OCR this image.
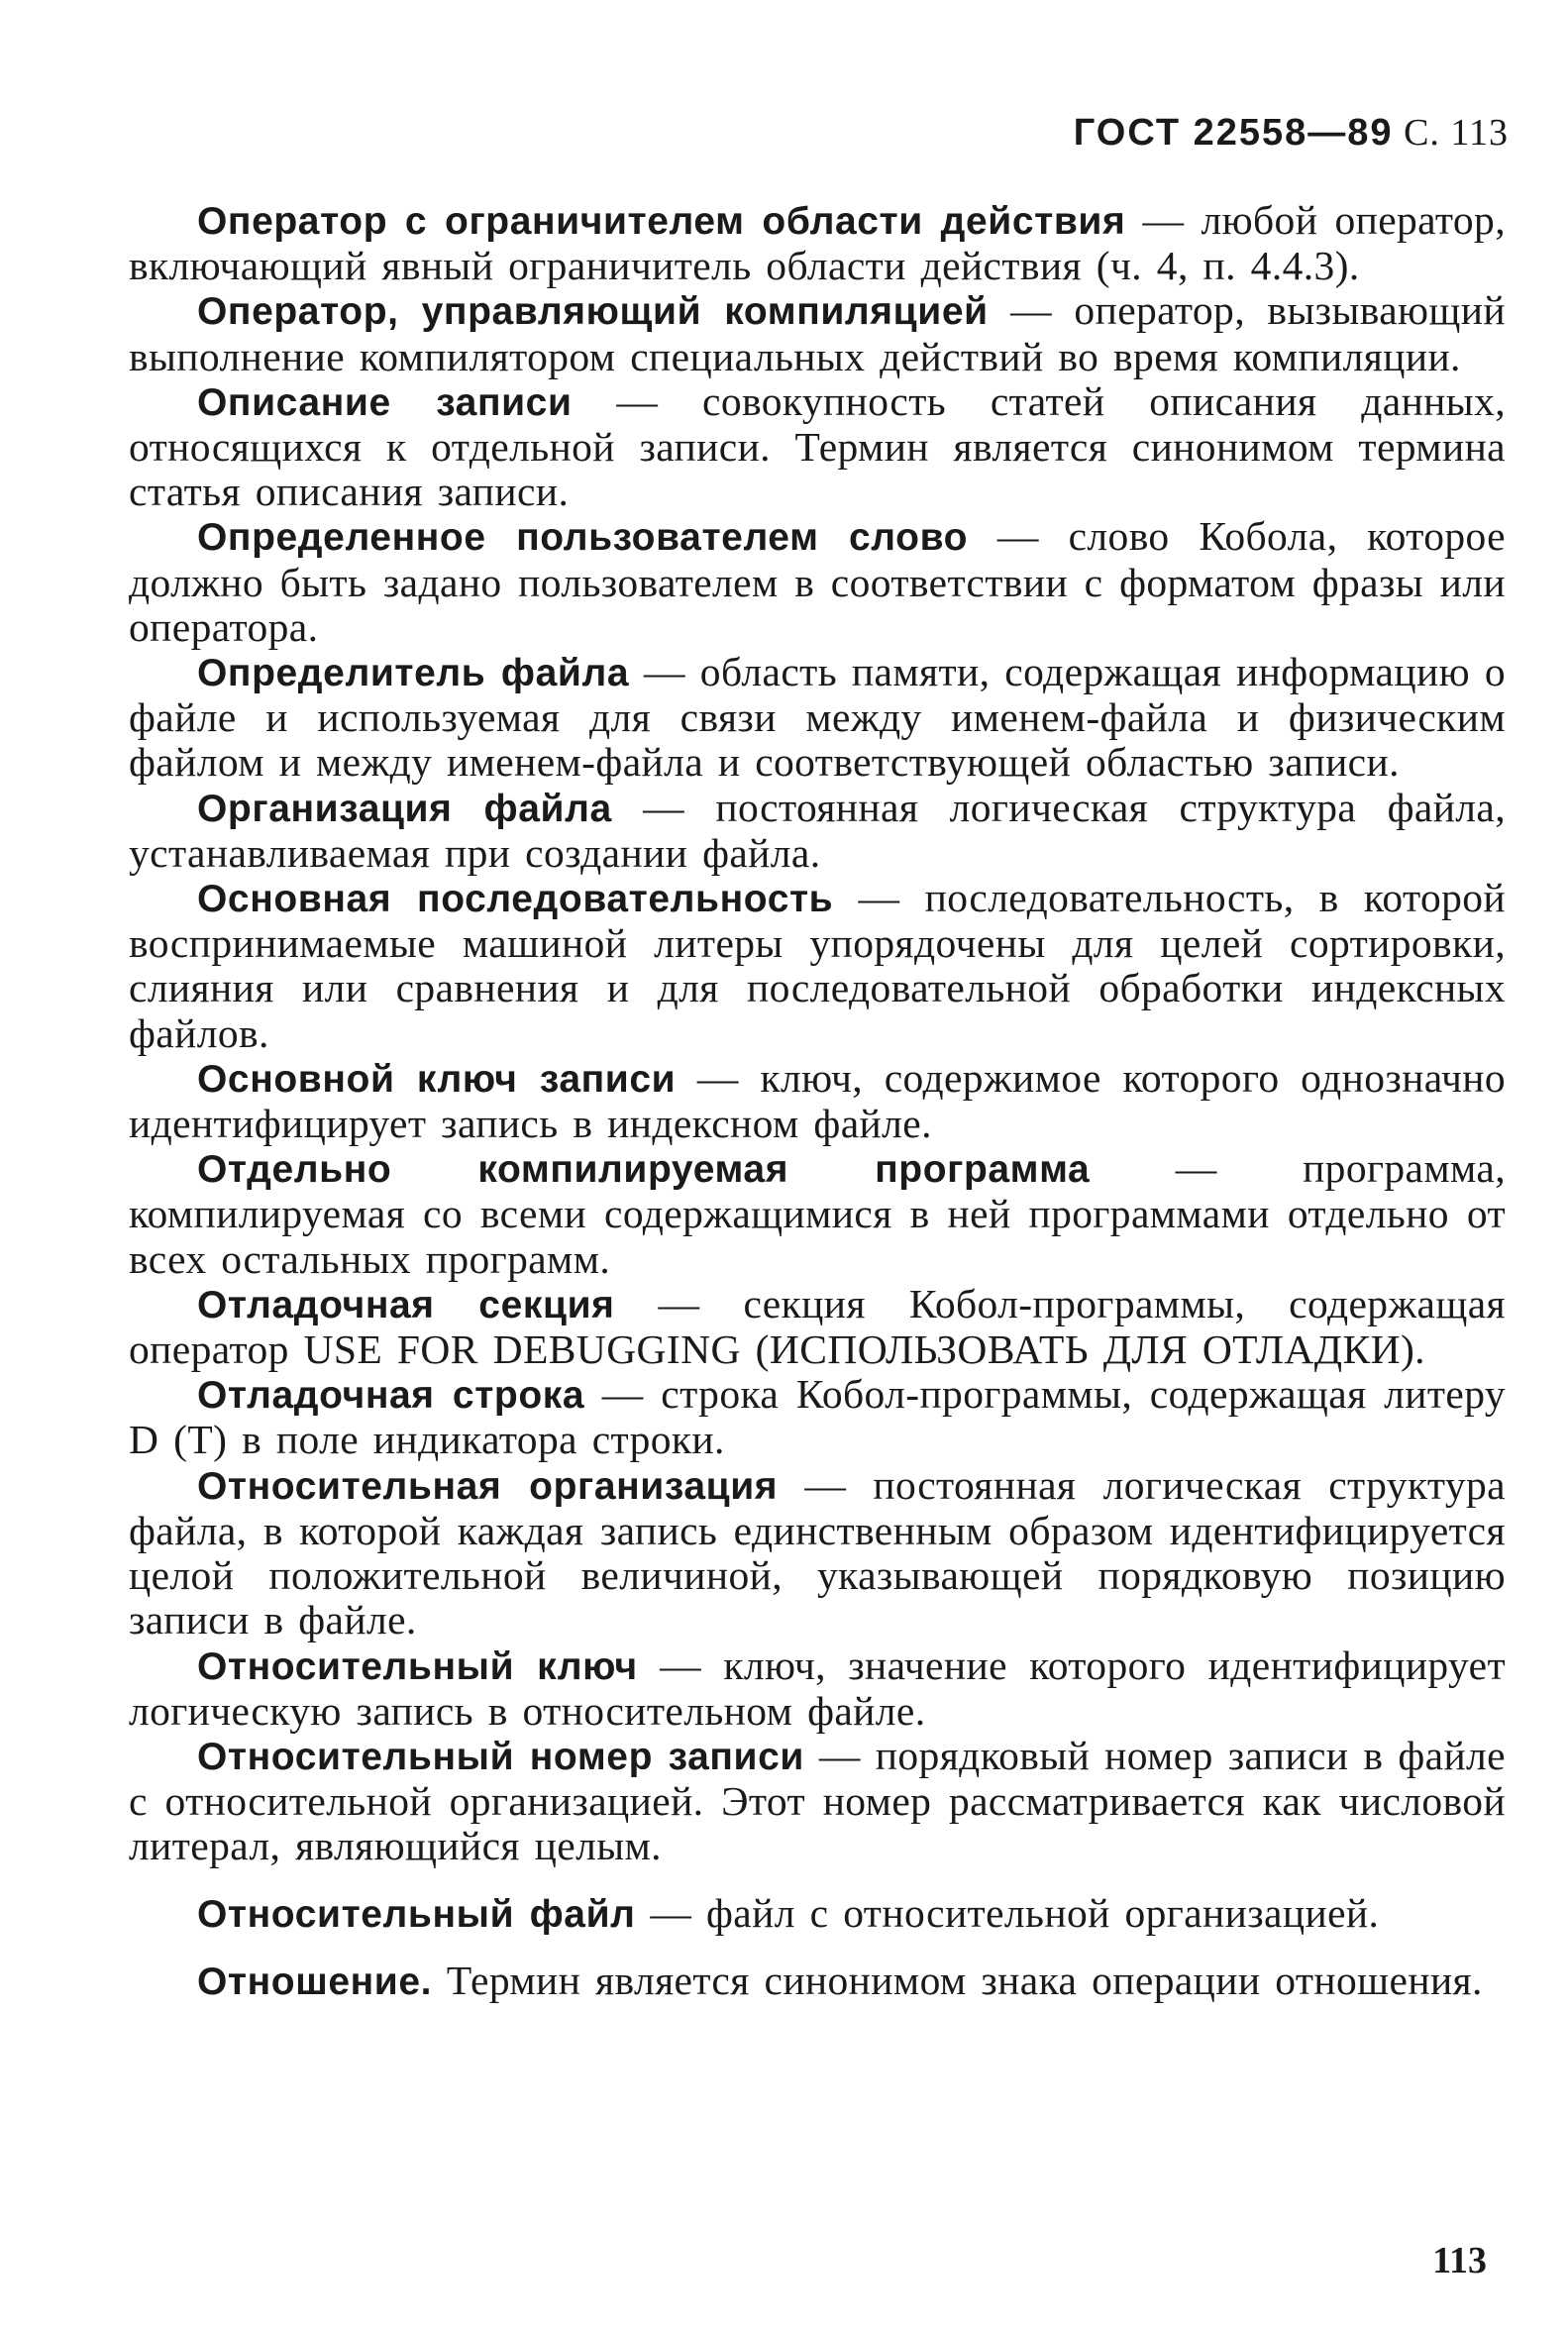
ГОСТ 22558—89 С. 113

Оператор с ограничителем области действия — любой оператор, включающий явный ограничитель области действия (ч. 4, п. 4.4.3).

Оператор, управляющий компиляцией — оператор, вызывающий выполнение компилятором специальных действий во время компиляции.

Описание записи — совокупность статей описания данных, относящихся к отдельной записи. Термин является синонимом термина статья описания записи.

Определенное пользователем слово — слово Кобола, которое должно быть задано пользователем в соответствии с форматом фразы или оператора.

Определитель файла — область памяти, содержащая информацию о файле и используемая для связи между именем-файла и физическим файлом и между именем-файла и соответствующей областью записи.

Организация файла — постоянная логическая структура файла, устанавливаемая при создании файла.

Основная последовательность — последовательность, в которой воспринимаемые машиной литеры упорядочены для целей сортировки, слияния или сравнения и для последовательной обработки индексных файлов.

Основной ключ записи — ключ, содержимое которого однозначно идентифицирует запись в индексном файле.

Отдельно компилируемая программа — программа, компилируемая со всеми содержащимися в ней программами отдельно от всех остальных программ.

Отладочная секция — секция Кобол-программы, содержащая оператор USE FOR DEBUGGING (ИСПОЛЬЗОВАТЬ ДЛЯ ОТЛАДКИ).

Отладочная строка — строка Кобол-программы, содержащая литеру D (T) в поле индикатора строки.

Относительная организация — постоянная логическая структура файла, в которой каждая запись единственным образом идентифицируется целой положительной величиной, указывающей порядковую позицию записи в файле.

Относительный ключ — ключ, значение которого идентифицирует логическую запись в относительном файле.

Относительный номер записи — порядковый номер записи в файле с относительной организацией. Этот номер рассматривается как числовой литерал, являющийся целым.

Относительный файл — файл с относительной организацией.

Отношение. Термин является синонимом знака операции отношения.

113
